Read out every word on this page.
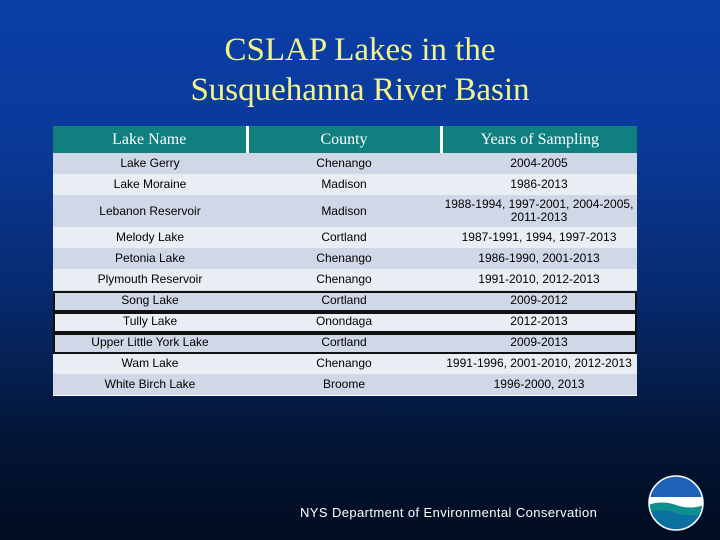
CSLAP Lakes in the
Susquehanna River Basin
Lake Name	County	Years of Sampling
Lake Gerry	Chenango	2004-2005
Lake Moraine	Madison	1986-2013
Lebanon Reservoir	Madison	1988-1994, 1997-2001, 2004-2005, 2011-2013
Melody Lake	Cortland	1987-1991, 1994, 1997-2013
Petonia Lake	Chenango	1986-1990, 2001-2013
Plymouth Reservoir	Chenango	1991-2010, 2012-2013
Song Lake	Cortland	2009-2012
Tully Lake	Onondaga	2012-2013
Upper Little York Lake	Cortland	2009-2013
Wam Lake	Chenango	1991-1996, 2001-2010, 2012-2013
White Birch Lake	Broome	1996-2000, 2013
NYS Department of Environmental Conservation
